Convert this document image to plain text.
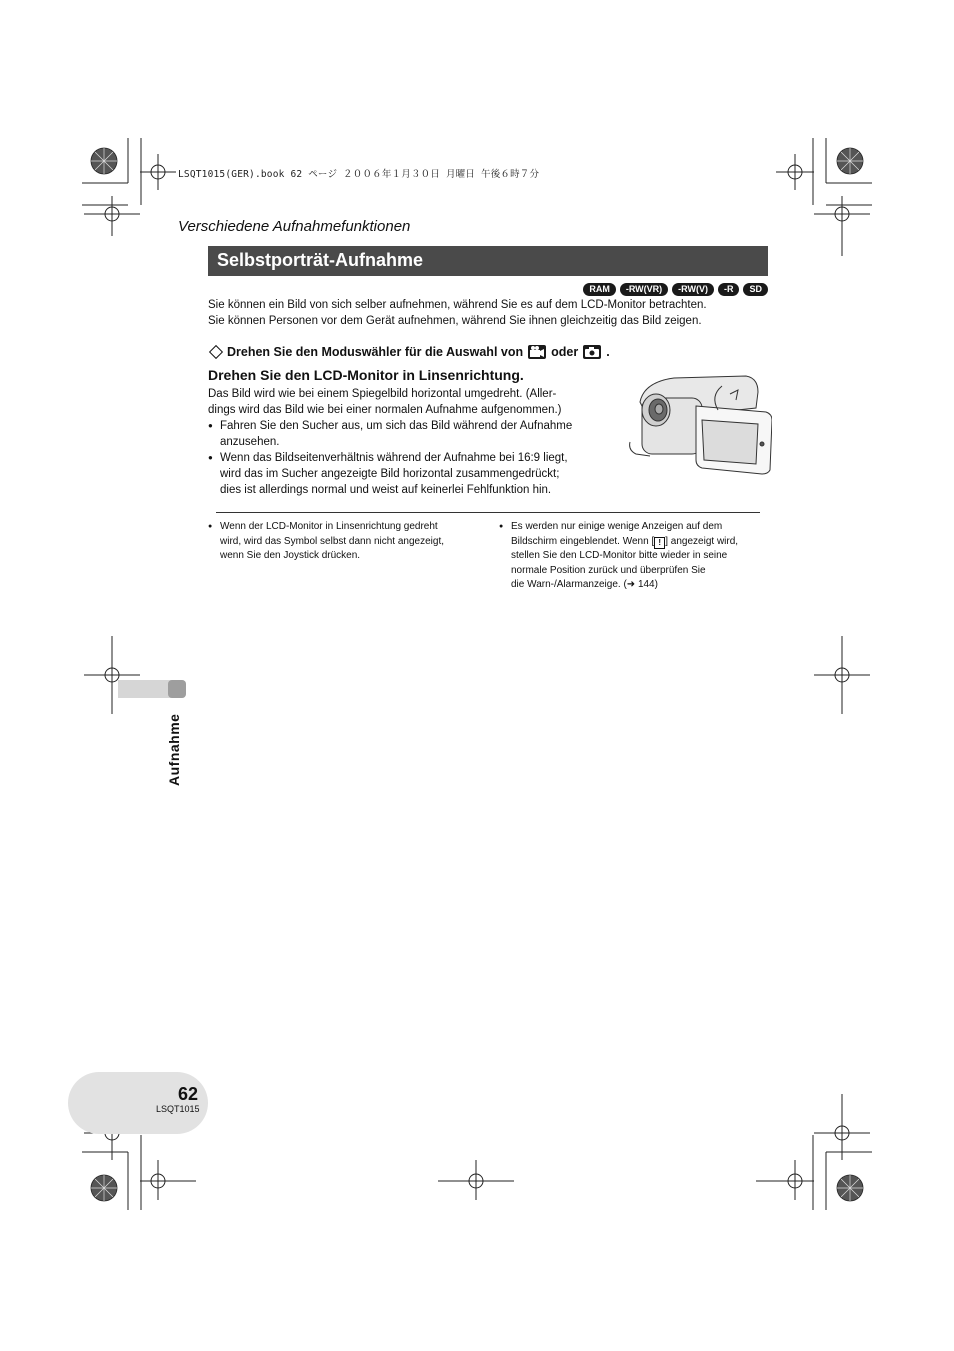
LSQT1015(GER).book 62 ページ ２００６年１月３０日 月曜日 午後６時７分
Verschiedene Aufnahmefunktionen
Selbstporträt-Aufnahme
RAM	-RW(VR)	-RW(V)	-R	SD
Sie können ein Bild von sich selber aufnehmen, während Sie es auf dem LCD-Monitor betrachten.
Sie können Personen vor dem Gerät aufnehmen, während Sie ihnen gleichzeitig das Bild zeigen.
Drehen Sie den Moduswähler für die Auswahl von oder .
Drehen Sie den LCD-Monitor in Linsenrichtung.

Das Bild wird wie bei einem Spiegelbild horizontal umgedreht. (Aller-

dings wird das Bild wie bei einer normalen Aufnahme aufgenommen.)

● Fahren Sie den Sucher aus, um sich das Bild während der Aufnahme
anzusehen.
● Wenn das Bildseitenverhältnis während der Aufnahme bei 16:9 liegt,
wird das im Sucher angezeigte Bild horizontal zusammengedrückt;
dies ist allerdings normal und weist auf keinerlei Fehlfunktion hin.
● Wenn der LCD-Monitor in Linsenrichtung gedreht
wird, wird das Symbol selbst dann nicht angezeigt,
wenn Sie den Joystick drücken.
● Es werden nur einige wenige Anzeigen auf dem
Bildschirm eingeblendet. Wenn [ ! ] angezeigt wird,
stellen Sie den LCD-Monitor bitte wieder in seine
normale Position zurück und überprüfen Sie
die Warn-/Alarmanzeige. (➜ 144)
Aufnahme
62
LSQT1015
